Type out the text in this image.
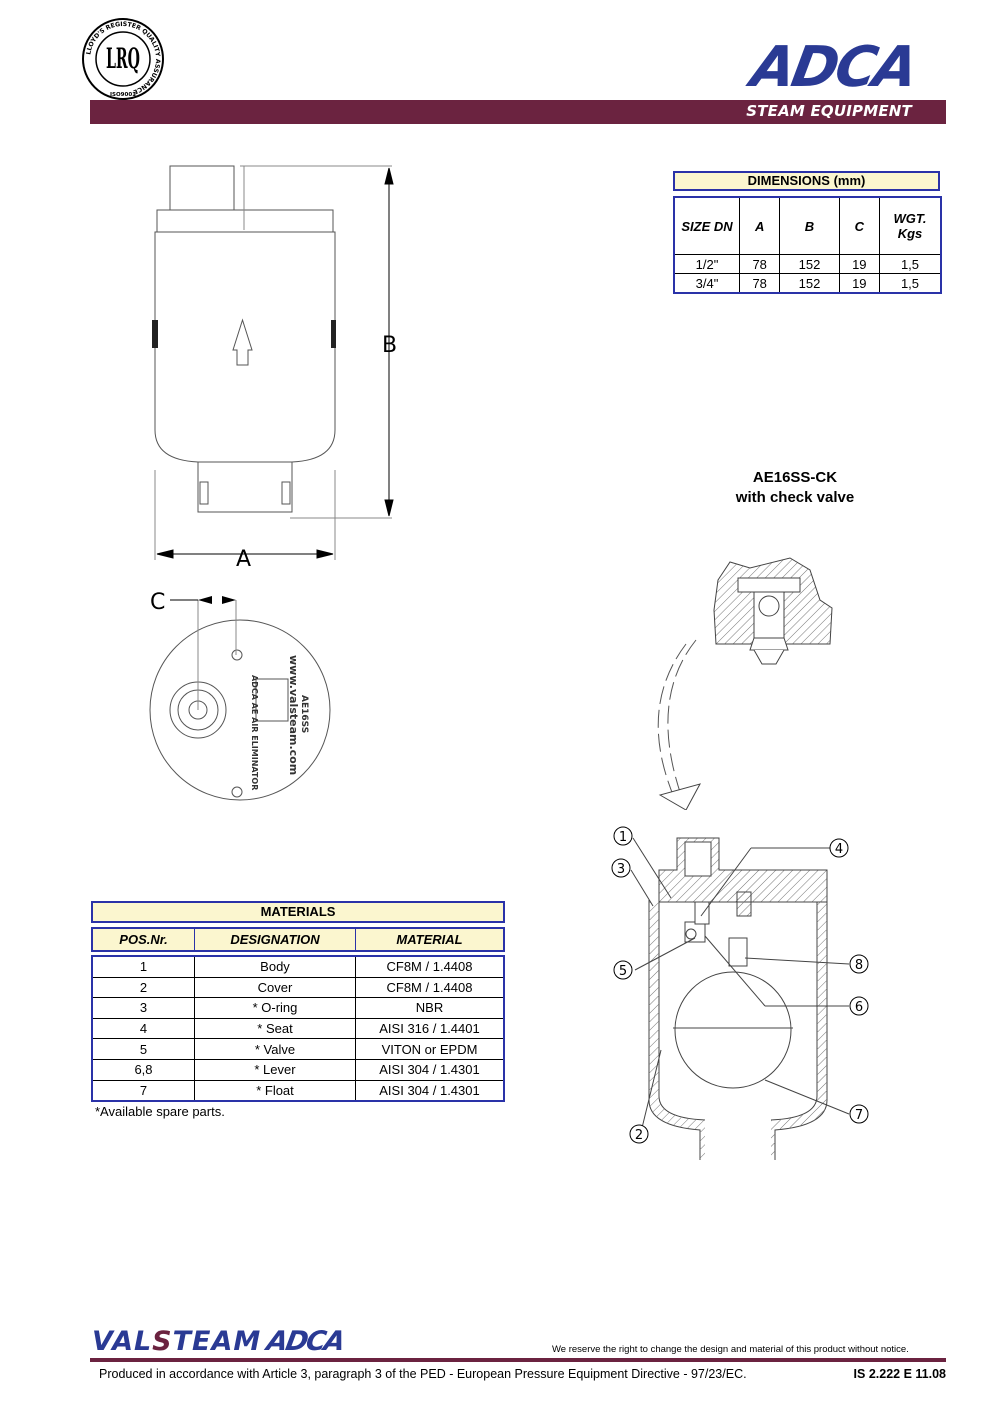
LLOYD'S REGISTER QUALITY ASSURANCE
LRQ
ISO9001	ADCA
STEAM EQUIPMENT
B
A
C
ADCA AE AIR ELIMINATOR	www.valsteam.com AE16SS
DIMENSIONS (mm)
SIZE DN	A	B	C	WGT. Kgs
1/2"	78	152	19	1,5
3/4"	78	152	19	1,5
AE16SS-CK
with check valve
1
3
4
5	8
6
7
2
MATERIALS
POS.Nr.	DESIGNATION	MATERIAL
1	Body	CF8M / 1.4408
2	Cover	CF8M / 1.4408
3	* O-ring	NBR
4	* Seat	AISI 316 / 1.4401
5	* Valve	VITON or EPDM
6,8	* Lever	AISI 304 / 1.4301
7	* Float	AISI 304 / 1.4301
*Available spare parts.
VALSTEAM ADCA	We reserve the right to change the design and material of this product without notice.
Produced in accordance with Article 3, paragraph 3 of the PED - European Pressure Equipment Directive - 97/23/EC.	IS 2.222 E 11.08
